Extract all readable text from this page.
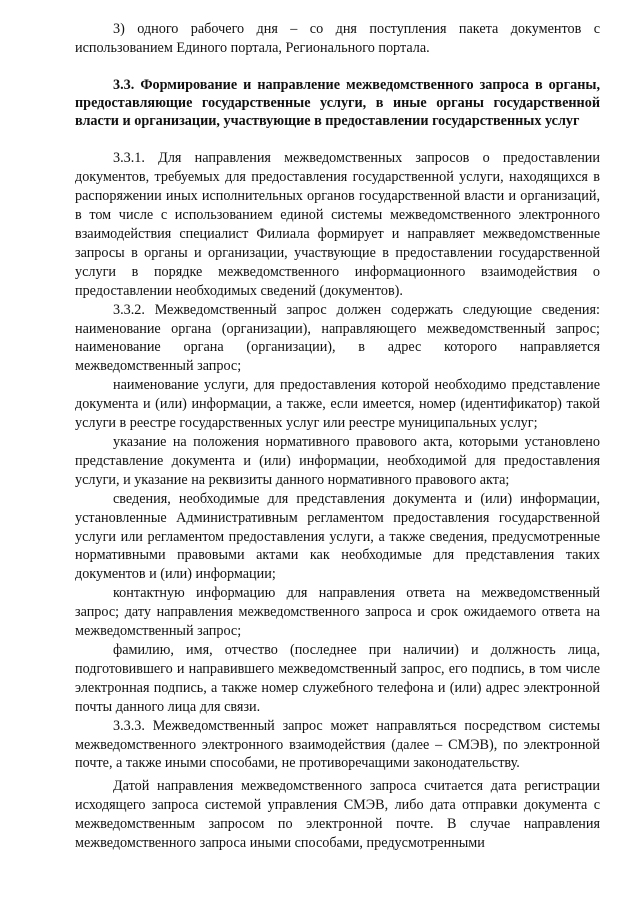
3) одного рабочего дня – со дня поступления пакета документов с использованием Единого портала, Регионального портала.

3.3. Формирование и направление межведомственного запроса в органы, предоставляющие государственные услуги, в иные органы государственной власти и организации, участвующие в предоставлении государственных услуг

3.3.1. Для направления межведомственных запросов о предоставлении документов, требуемых для предоставления государственной услуги, находящихся в распоряжении иных исполнительных органов государственной власти и организаций, в том числе с использованием единой системы межведомственного электронного взаимодействия специалист Филиала формирует и направляет межведомственные запросы в органы и организации, участвующие в предоставлении государственной услуги в порядке межведомственного информационного взаимодействия о предоставлении необходимых сведений (документов).

3.3.2. Межведомственный запрос должен содержать следующие сведения: наименование органа (организации), направляющего межведомственный запрос; наименование органа (организации), в адрес которого направляется межведомственный запрос;

наименование услуги, для предоставления которой необходимо представление документа и (или) информации, а также, если имеется, номер (идентификатор) такой услуги в реестре государственных услуг или реестре муниципальных услуг;

указание на положения нормативного правового акта, которыми установлено представление документа и (или) информации, необходимой для предоставления услуги, и указание на реквизиты данного нормативного правового акта;

сведения, необходимые для представления документа и (или) информации, установленные Административным регламентом предоставления государственной услуги или регламентом предоставления услуги, а также сведения, предусмотренные нормативными правовыми актами как необходимые для представления таких документов и (или) информации;

контактную информацию для направления ответа на межведомственный запрос; дату направления межведомственного запроса и срок ожидаемого ответа на межведомственный запрос;

фамилию, имя, отчество (последнее при наличии) и должность лица, подготовившего и направившего межведомственный запрос, его подпись, в том числе электронная подпись, а также номер служебного телефона и (или) адрес электронной почты данного лица для связи.

3.3.3. Межведомственный запрос может направляться посредством системы межведомственного электронного взаимодействия (далее – СМЭВ), по электронной почте, а также иными способами, не противоречащими законодательству.

Датой направления межведомственного запроса считается дата регистрации исходящего запроса системой управления СМЭВ, либо дата отправки документа с межведомственным запросом по электронной почте. В случае направления межведомственного запроса иными способами, предусмотренными
